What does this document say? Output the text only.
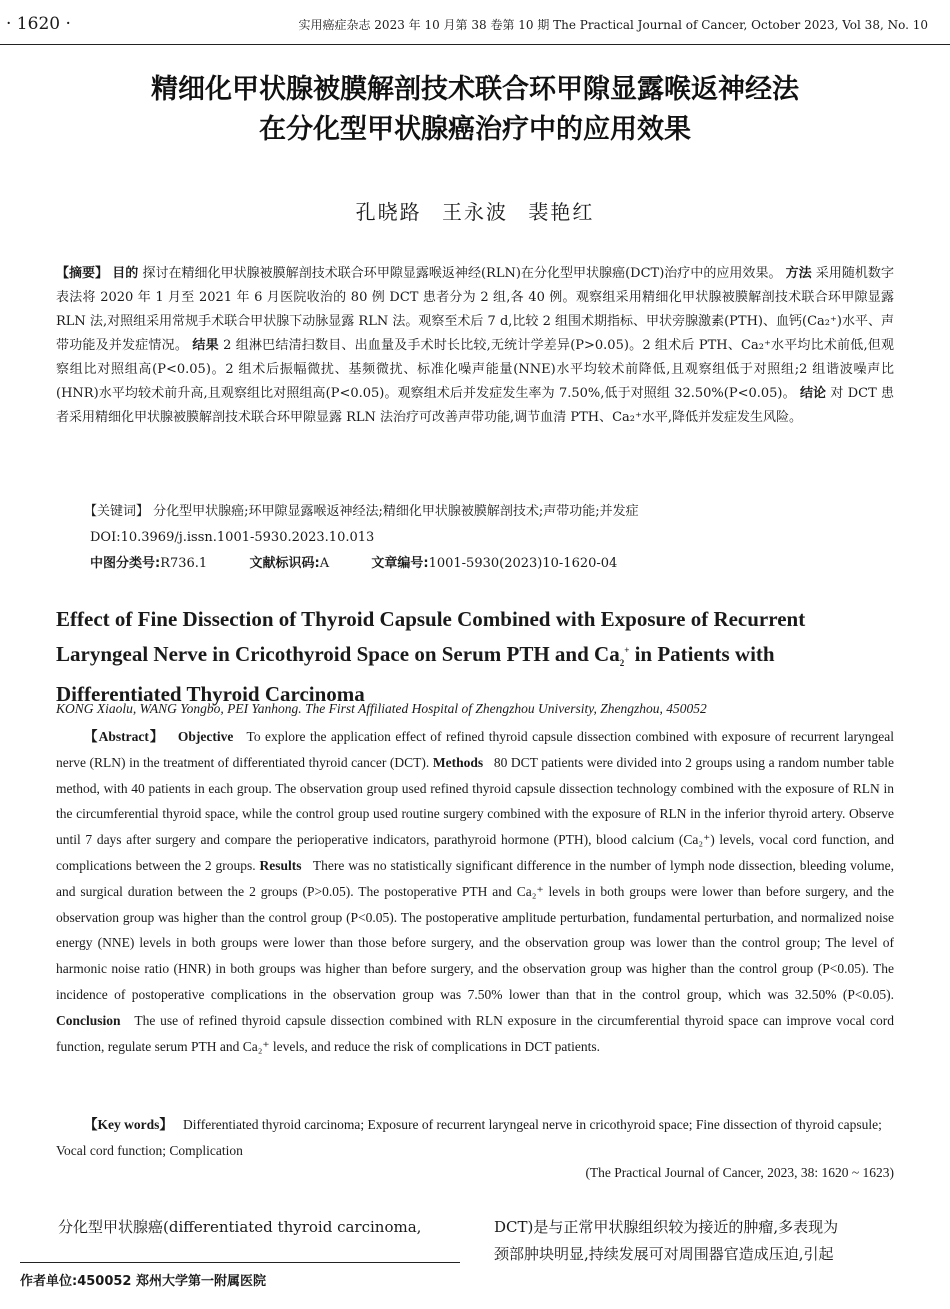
· 1620 ·	实用癌症杂志 2023 年 10 月第 38 卷第 10 期 The Practical Journal of Cancer, October 2023, Vol 38, No. 10
精细化甲状腺被膜解剖技术联合环甲隙显露喉返神经法
在分化型甲状腺癌治疗中的应用效果
孔晓路 王永波 裴艳红
【摘要】 目的 探讨在精细化甲状腺被膜解剖技术联合环甲隙显露喉返神经(RLN)在分化型甲状腺癌(DCT)治疗中的应用效果。 方法 采用随机数字表法将 2020 年 1 月至 2021 年 6 月医院收治的 80 例 DCT 患者分为 2 组,各 40 例。观察组采用精细化甲状腺被膜解剖技术联合环甲隙显露 RLN 法,对照组采用常规手术联合甲状腺下动脉显露 RLN 法。观察至术后 7 d,比较 2 组围术期指标、甲状旁腺激素(PTH)、血钙(Ca₂⁺)水平、声带功能及并发症情况。 结果 2 组淋巴结清扫数目、出血量及手术时长比较,无统计学差异(P>0.05)。2 组术后 PTH、Ca₂⁺水平均比术前低,但观察组比对照组高(P<0.05)。2 组术后振幅微扰、基频微扰、标准化噪声能量(NNE)水平均较术前降低,且观察组低于对照组;2 组谐波噪声比(HNR)水平均较术前升高,且观察组比对照组高(P<0.05)。观察组术后并发症发生率为 7.50%,低于对照组 32.50%(P<0.05)。 结论 对 DCT 患者采用精细化甲状腺被膜解剖技术联合环甲隙显露 RLN 法治疗可改善声带功能,调节血清 PTH、Ca₂⁺水平,降低并发症发生风险。
【关键词】 分化型甲状腺癌;环甲隙显露喉返神经法;精细化甲状腺被膜解剖技术;声带功能;并发症
DOI:10.3969/j.issn.1001-5930.2023.10.013
中图分类号:R736.1	文献标识码:A	文章编号:1001-5930(2023)10-1620-04
Effect of Fine Dissection of Thyroid Capsule Combined with Exposure of Recurrent
Laryngeal Nerve in Cricothyroid Space on Serum PTH and $Ca_2^+$ in Patients with
Differentiated Thyroid Carcinoma
KONG Xiaolu, WANG Yongbo, PEI Yanhong. The First Affiliated Hospital of Zhengzhou University, Zhengzhou, 450052
【Abstract】 Objective To explore the application effect of refined thyroid capsule dissection combined with exposure of recurrent laryngeal nerve (RLN) in the treatment of differentiated thyroid cancer (DCT). Methods 80 DCT patients were divided into 2 groups using a random number table method, with 40 patients in each group. The observation group used refined thyroid capsule dissection technology combined with the exposure of RLN in the circumferential thyroid space, while the control group used routine surgery combined with the exposure of RLN in the inferior thyroid artery. Observe until 7 days after surgery and compare the perioperative indicators, parathyroid hormone (PTH), blood calcium (Ca₂⁺) levels, vocal cord function, and complications between the 2 groups. Results There was no statistically significant difference in the number of lymph node dissection, bleeding volume, and surgical duration between the 2 groups (P>0.05). The postoperative PTH and Ca₂⁺ levels in both groups were lower than before surgery, and the observation group was higher than the control group (P<0.05). The postoperative amplitude perturbation, fundamental perturbation, and normalized noise energy (NNE) levels in both groups were lower than those before surgery, and the observation group was lower than the control group; The level of harmonic noise ratio (HNR) in both groups was higher than before surgery, and the observation group was higher than the control group (P<0.05). The incidence of postoperative complications in the observation group was 7.50% lower than that in the control group, which was 32.50% (P<0.05). Conclusion The use of refined thyroid capsule dissection combined with RLN exposure in the circumferential thyroid space can improve vocal cord function, regulate serum PTH and Ca₂⁺ levels, and reduce the risk of complications in DCT patients.
【Key words】 Differentiated thyroid carcinoma; Exposure of recurrent laryngeal nerve in cricothyroid space; Fine dissection of thyroid capsule; Vocal cord function; Complication
(The Practical Journal of Cancer, 2023, 38: 1620 ~ 1623)
分化型甲状腺癌(differentiated thyroid carcinoma,	DCT)是与正常甲状腺组织较为接近的肿瘤,多表现为
颈部肿块明显,持续发展可对周围器官造成压迫,引起
作者单位:450052 郑州大学第一附属医院
